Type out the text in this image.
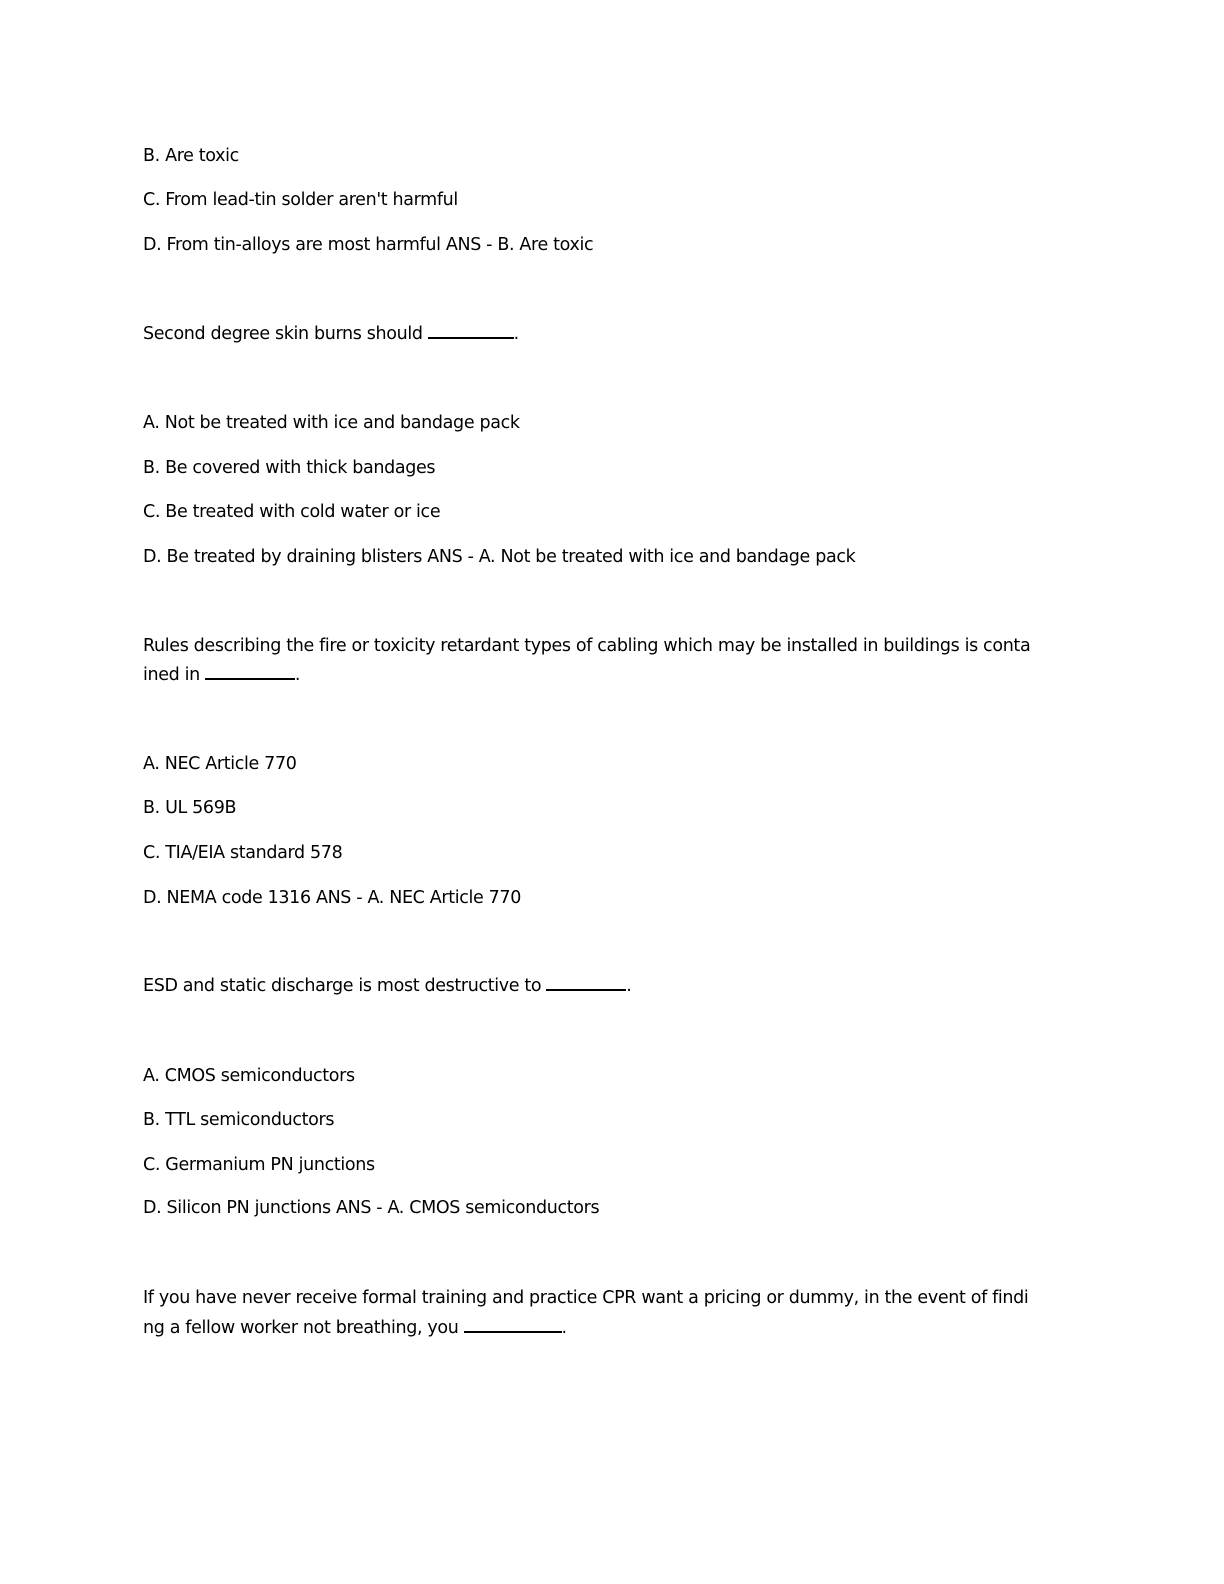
B. Are toxic

C. From lead-tin solder aren't harmful

D. From tin-alloys are most harmful ANS - B. Are toxic

Second degree skin burns should	.

A. Not be treated with ice and bandage pack

B. Be covered with thick bandages

C. Be treated with cold water or ice

D. Be treated by draining blisters ANS - A. Not be treated with ice and bandage pack

Rules describing the fire or toxicity retardant types of cabling which may be installed in buildings is conta

ined in	.

A. NEC Article 770

B. UL 569B

C. TIA/EIA standard 578

D. NEMA code 1316 ANS - A. NEC Article 770

ESD and static discharge is most destructive to	.

A. CMOS semiconductors

B. TTL semiconductors

C. Germanium PN junctions

D. Silicon PN junctions ANS - A. CMOS semiconductors

If you have never receive formal training and practice CPR want a pricing or dummy, in the event of findi

ng a fellow worker not breathing, you	.
